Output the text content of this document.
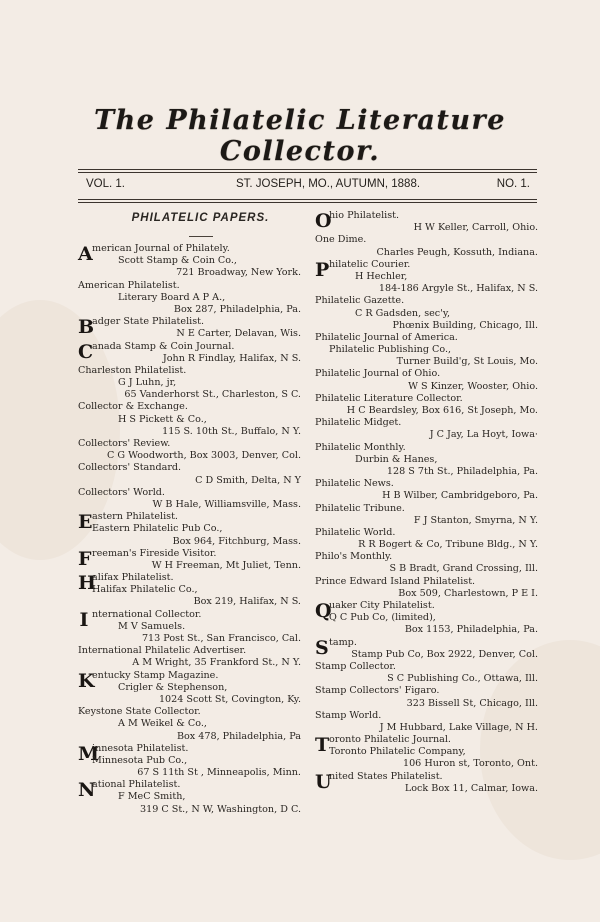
The Philatelic Literature Collector.
VOL. 1.	ST. JOSEPH, MO., AUTUMN, 1888.	NO. 1.
PHILATELIC PAPERS.
A merican Journal of Philately.
Scott Stamp & Coin Co.,
721 Broadway, New York.
American Philatelist.
Literary Board A P A.,
Box 287, Philadelphia, Pa.
B
adger State Philatelist.
N E Carter, Delavan, Wis.
C
anada Stamp & Coin Journal.
John R Findlay, Halifax, N S.
Charleston Philatelist.
G J Luhn, jr,
65 Vanderhorst St., Charleston, S C.
Collector & Exchange.
H S Pickett & Co.,
115 S. 10th St., Buffalo, N Y.
Collectors' Review.
C G Woodworth, Box 3003, Denver, Col.
Collectors' Standard.
C D Smith, Delta, N Y
Collectors' World.
W B Hale, Williamsville, Mass.
E astern Philatelist.
Eastern Philatelic Pub Co.,
Box 964, Fitchburg, Mass.
F reeman's Fireside Visitor.
W H Freeman, Mt Juliet, Tenn.
H
alifax Philatelist.
Halifax Philatelic Co.,
Box 219, Halifax, N S.
I nternational Collector.
M V Samuels.
713 Post St., San Francisco, Cal.
International Philatelic Advertiser.
A M Wright, 35 Frankford St., N Y.
K
entucky Stamp Magazine.
Crigler & Stephenson,
1024 Scott St, Covington, Ky.
Keystone State Collector.
A M Weikel & Co.,
Box 478, Philadelphia, Pa
M
innesota Philatelist.
Minnesota Pub Co.,
67 S 11th St , Minneapolis, Minn.
N
ational Philatelist.
F MeC Smith,
319 C St., N W, Washington, D C.
O
hio Philatelist.
H W Keller, Carroll, Ohio.
One Dime.
Charles Peugh, Kossuth, Indiana.
P hilatelic Courier.
H Hechler,
184-186 Argyle St., Halifax, N S.
Philatelic Gazette.
C R Gadsden, sec'y,
Phœnix Building, Chicago, Ill.
Philatelic Journal of America.
Philatelic Publishing Co.,
Turner Build'g, St Louis, Mo.
Philatelic Journal of Ohio.
W S Kinzer, Wooster, Ohio.
Philatelic Literature Collector.
H C Beardsley, Box 616, St Joseph, Mo.
Philatelic Midget.
J C Jay, La Hoyt, Iowa·
Philatelic Monthly.
Durbin & Hanes,
128 S 7th St., Philadelphia, Pa.
Philatelic News.
H B Wilber, Cambridgeboro, Pa.
Philatelic Tribune.
F J Stanton, Smyrna, N Y.
Philatelic World.
R R Bogert & Co, Tribune Bldg., N Y.
Philo's Monthly.
S B Bradt, Grand Crossing, Ill.
Prince Edward Island Philatelist.
Box 509, Charlestown, P E I.
Q
uaker City Philatelist.
Q C Pub Co, (limited),
Box 1153, Philadelphia, Pa.
S tamp.
Stamp Pub Co, Box 2922, Denver, Col.
Stamp Collector.
S C Publishing Co., Ottawa, Ill.
Stamp Collectors' Figaro.
323 Bissell St, Chicago, Ill.
Stamp World.
J M Hubbard, Lake Village, N H.
T oronto Philatelic Journal.
Toronto Philatelic Company,
106 Huron st, Toronto, Ont.
U
nited States Philatelist.
Lock Box 11, Calmar, Iowa.
